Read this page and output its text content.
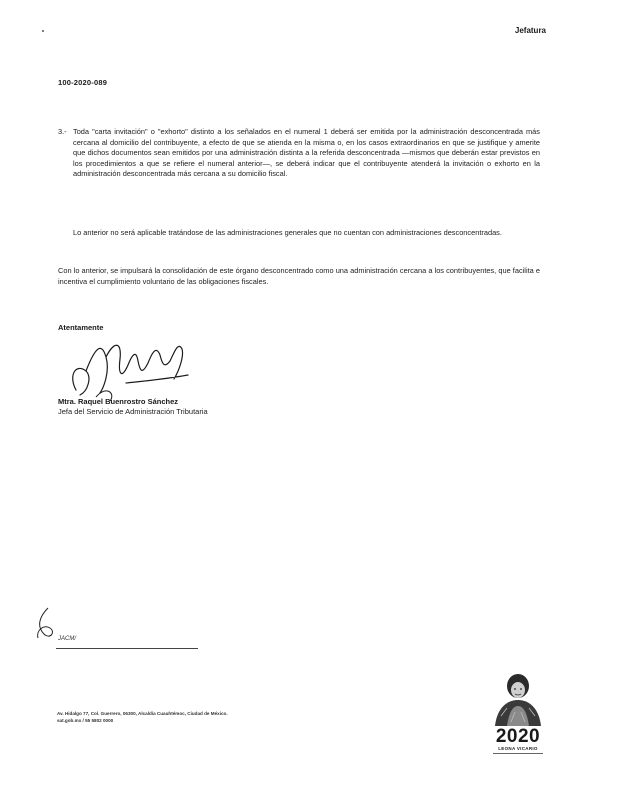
Jefatura
100-2020-089
3.- Toda "carta invitación" o "exhorto" distinto a los señalados en el numeral 1 deberá ser emitida por la administración desconcentrada más cercana al domicilio del contribuyente, a efecto de que se atienda en la misma o, en los casos extraordinarios en que se justifique y amerite que dichos documentos sean emitidos por una administración distinta a la referida desconcentrada —mismos que deberán estar previstos en los procedimientos a que se refiere el numeral anterior—, se deberá indicar que el contribuyente atenderá la invitación o exhorto en la administración desconcentrada más cercana a su domicilio fiscal.
Lo anterior no será aplicable tratándose de las administraciones generales que no cuentan con administraciones desconcentradas.
Con lo anterior, se impulsará la consolidación de este órgano desconcentrado como una administración cercana a los contribuyentes, que facilita e incentiva el cumplimiento voluntario de las obligaciones fiscales.
Atentamente
Mtra. Raquel Buenrostro Sánchez
Jefa del Servicio de Administración Tributaria
JACM/
Av. Hidalgo 77, Col. Guerrero, 06300, Alcaldía Cuauhtémoc, Ciudad de México.
sat.gob.mx / 55 5802 0000
2020
LEONA VICARIO
